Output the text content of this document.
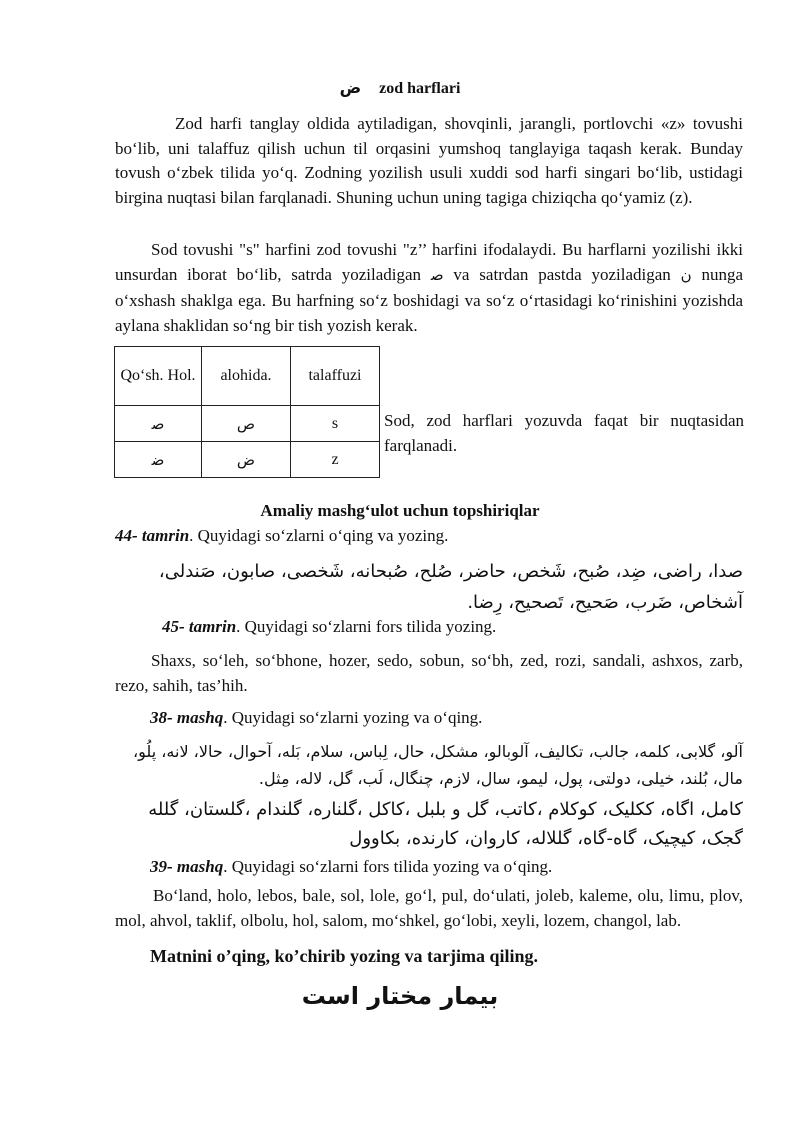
ض zod harflari
Zod harfi tanglay oldida aytiladigan, shovqinli, jarangli, portlovchi «z» tovushi bo‘lib, uni talaffuz qilish uchun til orqasini yumshoq tanglayiga taqash kerak. Bunday tovush o‘zbek tilida yo‘q. Zodning yozilish usuli xuddi sod harfi singari bo‘lib, ustidagi birgina nuqtasi bilan farqlanadi. Shuning uchun uning tagiga chiziqcha qo‘yamiz (z).
Sod tovushi "s" harfini zod tovushi "z’’ harfini ifodalaydi. Bu harflarni yozilishi ikki unsurdan iborat bo‘lib, satrda yoziladigan ﺻ va satrdan pastda yoziladigan ن nunga o‘xshash shaklga ega. Bu harfning so‘z boshidagi va so‘z o‘rtasidagi ko‘rinishini yozishda aylana shaklidan so‘ng bir tish yozish kerak.
Qo‘sh. Hol.	alohida.	talaffuzi
ﺻ	ص	s
ﺿ	ض	z
Sod, zod harflari yozuvda faqat bir nuqtasidan farqlanadi.
Amaliy mashg‘ulot uchun topshiriqlar
44- tamrin. Quyidagi so‘zlarni o‘qing va yozing.
صدا، راضی، ضِد، صُبح، شَخص، حاضر، صُلح، صُبحانه، شَخصی، صابون، صَندلی، آشخاص، ضَرب، صَحیح، تَصحیح، رِضا.
45- tamrin. Quyidagi so‘zlarni fors tilida yozing.
Shaxs, so‘leh, so‘bhone, hozer, sedo, sobun, so‘bh, zed, rozi, sandali, ashxos, zarb, rezo, sahih, tas’hih.
38- mashq. Quyidagi so‘zlarni yozing va o‘qing.
آلو، گلابی، کلمه، جالب، تکالیف، آلوبالو، مشکل، حال، لِباس، سلام، بَله، آحوال، حالا، لانه، پلُو، مال، بُلند، خیلی، دولتی، پول، لیمو، سال، لازم، چنگال، لَب، گل، لاله، مِثل.
کامل، اگاه، ککلیک، کوکلام ،کاتب، گل و بلبل ،کاکل ،گلناره، گلندام ،گلستان، گلله گجک، کیچیک، گاه-گاه، گللاله، کاروان، کارنده، بکاوول
39- mashq. Quyidagi so‘zlarni fors tilida yozing va o‘qing.
Bo‘land, holo, lebos, bale, sol, lole, go‘l, pul, do‘ulati, joleb, kaleme, olu, limu, plov, mol, ahvol, taklif, olbolu, hol, salom, mo‘shkel, go‘lobi, xeyli, lozem, changol, lab.
Matnini o’qing, ko’chirib yozing va tarjima qiling.
بیمار مختار است
